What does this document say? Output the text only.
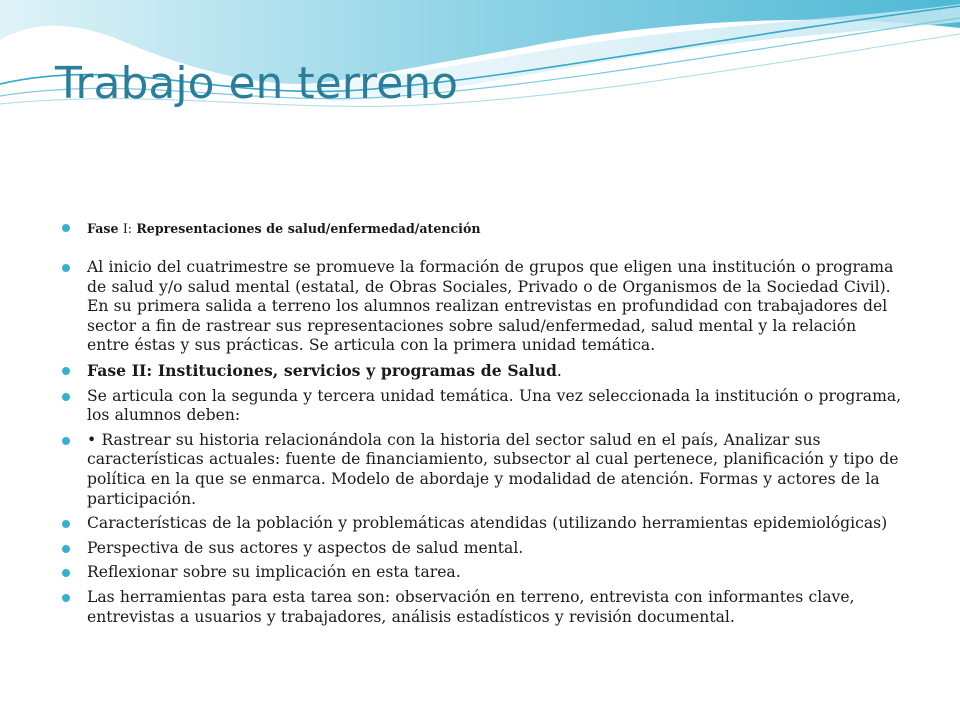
Trabajo en terreno
Fase I: Representaciones de salud/enfermedad/atención
Al inicio del cuatrimestre se promueve la formación de grupos que eligen una institución o programa de salud y/o salud mental (estatal, de Obras Sociales, Privado o de Organismos de la Sociedad Civil). En su primera salida a terreno los alumnos realizan entrevistas en profundidad con trabajadores del sector a fin de rastrear sus representaciones sobre salud/enfermedad, salud mental y la relación entre éstas y sus prácticas. Se articula con la primera unidad temática.
Fase II: Instituciones, servicios y programas de Salud.
Se articula con la segunda y tercera unidad temática. Una vez seleccionada la institución o programa, los alumnos deben:
• Rastrear su historia relacionándola con la historia del sector salud en el país, Analizar sus características actuales: fuente de financiamiento, subsector al cual pertenece, planificación y tipo de política en la que se enmarca. Modelo de abordaje y modalidad de atención. Formas y actores de la participación.
Características de la población y problemáticas atendidas (utilizando herramientas epidemiológicas)
Perspectiva de sus actores y aspectos de salud mental.
Reflexionar sobre su implicación en esta tarea.
Las herramientas para esta tarea son: observación en terreno, entrevista con informantes clave, entrevistas a usuarios y trabajadores, análisis estadísticos y revisión documental.
